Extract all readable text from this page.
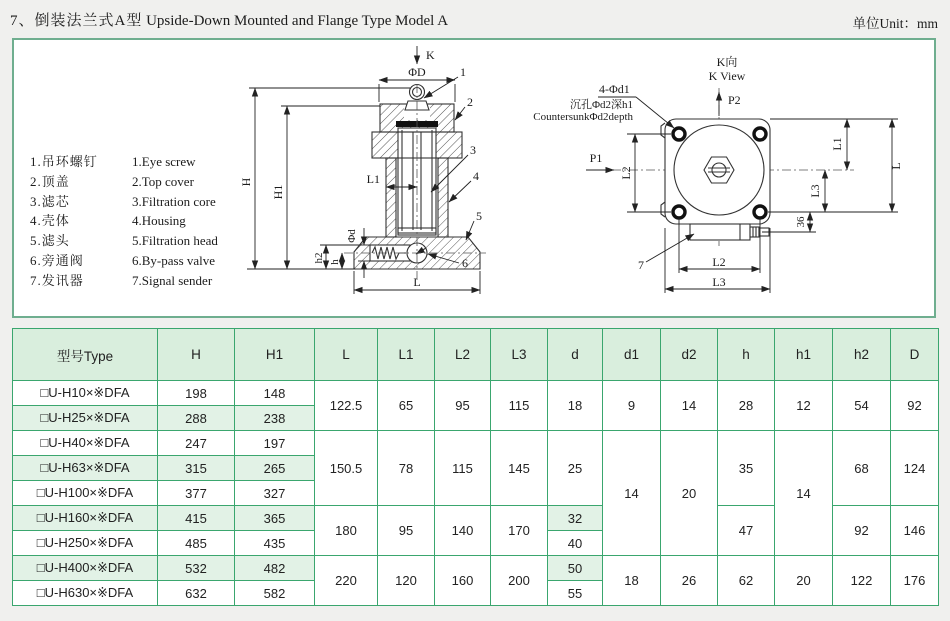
7、倒装法兰式A型 Upside-Down Mounted and Flange Type Model A	单位Unit：mm
1.吊环螺钉	1.Eye screw
2.顶盖	2.Top cover
3.滤芯	3.Filtration core
4.壳体	4.Housing
5.滤头	5.Filtration head
6.旁通阀	6.By-pass valve
7.发讯器	7.Signal sender
K
ΦD
H
H1
L1
Φd
h2 h
L
1
2
3
4
5
6
K向
K View
P2
P1
4-Φd1
沉孔Φd2深h1
CountersunkΦd2depth
L2
L1
L3
L
36
L2
L3
7
型号Type	H	H1	L	L1	L2	L3	d	d1	d2	h	h1	h2	D
□U-H10×※DFA	198	148	122.5	65	95	115	18	9	14	28	12	54	92
□U-H25×※DFA	288	238											
□U-H40×※DFA	247	197	150.5	78	115	145	25	14	20	35	14	68	124
□U-H63×※DFA	315	265											
□U-H100×※DFA	377	327											
□U-H160×※DFA	415	365	180	95	140	170	32			47		92	146
□U-H250×※DFA	485	435					40						
□U-H400×※DFA	532	482	220	120	160	200	50	18	26	62	20	122	176
□U-H630×※DFA	632	582					55						
